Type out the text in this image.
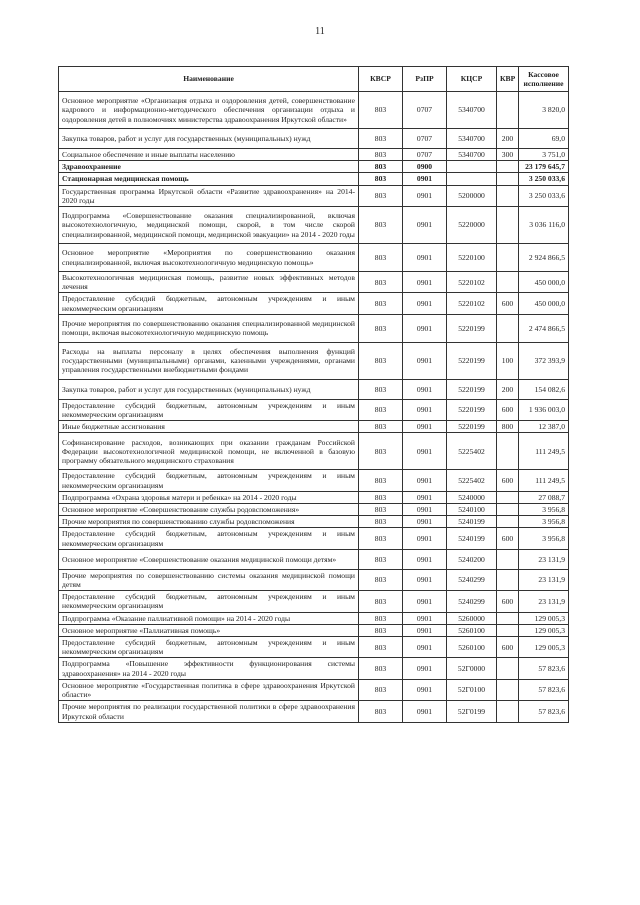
11
Наименование	КВСР	РзПР	КЦСР	КВР	Кассовое исполнение
Основное мероприятие «Организация отдыха и оздоровления детей, совершенствование кадрового и информационно-методического обеспечения организации отдыха и оздоровления детей в полномочиях министерства здравоохранения Иркутской области»	803	0707	5340700		3 820,0
Закупка товаров, работ и услуг для государственных (муниципальных) нужд	803	0707	5340700	200	69,0
Социальное обеспечение и иные выплаты населению	803	0707	5340700	300	3 751,0
Здравоохранение	803	0900			23 179 645,7
Стационарная медицинская помощь	803	0901			3 250 033,6
Государственная программа Иркутской области «Развитие здравоохранения» на 2014-2020 годы	803	0901	5200000		3 250 033,6
Подпрограмма «Совершенствование оказания специализированной, включая высокотехнологичную, медицинской помощи, скорой, в том числе скорой специализированной, медицинской помощи, медицинской эвакуации» на 2014 - 2020 годы	803	0901	5220000		3 036 116,0
Основное мероприятие «Мероприятия по совершенствованию оказания специализированной, включая высокотехнологичную медицинскую помощь»	803	0901	5220100		2 924 866,5
Высокотехнологичная медицинская помощь, развитие новых эффективных методов лечения	803	0901	5220102		450 000,0
Предоставление субсидий бюджетным, автономным учреждениям и иным некоммерческим организациям	803	0901	5220102	600	450 000,0
Прочие мероприятия по совершенствованию оказания специализированной медицинской помощи, включая высокотехнологичную медицинскую помощь	803	0901	5220199		2 474 866,5
Расходы на выплаты персоналу в целях обеспечения выполнения функций государственными (муниципальными) органами, казенными учреждениями, органами управления государственными внебюджетными фондами	803	0901	5220199	100	372 393,9
Закупка товаров, работ и услуг для государственных (муниципальных) нужд	803	0901	5220199	200	154 082,6
Предоставление субсидий бюджетным, автономным учреждениям и иным некоммерческим организациям	803	0901	5220199	600	1 936 003,0
Иные бюджетные ассигнования	803	0901	5220199	800	12 387,0
Софинансирование расходов, возникающих при оказании гражданам Российской Федерации высокотехнологичной медицинской помощи, не включенной в базовую программу обязательного медицинского страхования	803	0901	5225402		111 249,5
Предоставление субсидий бюджетным, автономным учреждениям и иным некоммерческим организациям	803	0901	5225402	600	111 249,5
Подпрограмма «Охрана здоровья матери и ребенка» на 2014 - 2020 годы	803	0901	5240000		27 088,7
Основное мероприятие «Совершенствование службы родовспоможения»	803	0901	5240100		3 956,8
Прочие мероприятия по совершенствованию службы родовспоможения	803	0901	5240199		3 956,8
Предоставление субсидий бюджетным, автономным учреждениям и иным некоммерческим организациям	803	0901	5240199	600	3 956,8
Основное мероприятие «Совершенствование оказания медицинской помощи детям»	803	0901	5240200		23 131,9
Прочие мероприятия по совершенствованию системы оказания медицинской помощи детям	803	0901	5240299		23 131,9
Предоставление субсидий бюджетным, автономным учреждениям и иным некоммерческим организациям	803	0901	5240299	600	23 131,9
Подпрограмма «Оказание паллиативной помощи» на 2014 - 2020 годы	803	0901	5260000		129 005,3
Основное мероприятие «Паллиативная помощь»	803	0901	5260100		129 005,3
Предоставление субсидий бюджетным, автономным учреждениям и иным некоммерческим организациям	803	0901	5260100	600	129 005,3
Подпрограмма «Повышение эффективности функционирования системы здравоохранения» на 2014 - 2020 годы	803	0901	52Г0000		57 823,6
Основное мероприятие «Государственная политика в сфере здравоохранения Иркутской области»	803	0901	52Г0100		57 823,6
Прочие мероприятия по реализации государственной политики в сфере здравоохранения Иркутской области	803	0901	52Г0199		57 823,6
